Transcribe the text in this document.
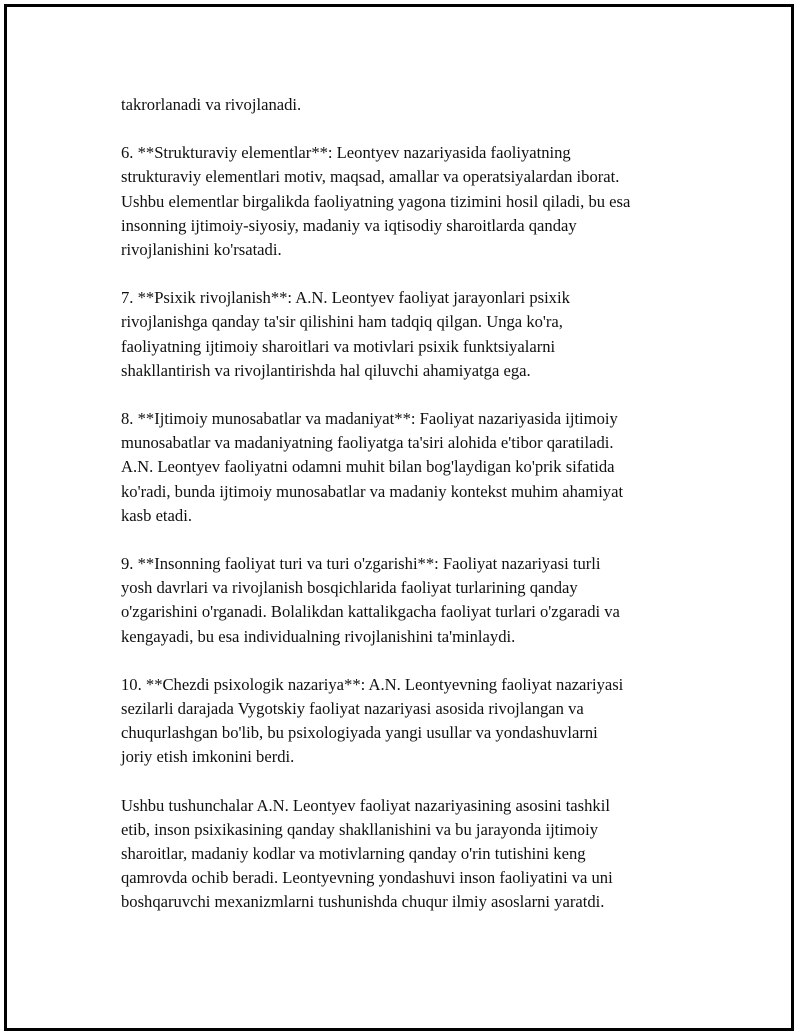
takrorlanadi va rivojlanadi.

6. **Strukturaviy elementlar**: Leontyev nazariyasida faoliyatning
strukturaviy elementlari motiv, maqsad, amallar va operatsiyalardan iborat.
Ushbu elementlar birgalikda faoliyatning yagona tizimini hosil qiladi, bu esa
insonning ijtimoiy-siyosiy, madaniy va iqtisodiy sharoitlarda qanday
rivojlanishini ko'rsatadi.

7. **Psixik rivojlanish**: A.N. Leontyev faoliyat jarayonlari psixik
rivojlanishga qanday ta'sir qilishini ham tadqiq qilgan. Unga ko'ra,
faoliyatning ijtimoiy sharoitlari va motivlari psixik funktsiyalarni
shakllantirish va rivojlantirishda hal qiluvchi ahamiyatga ega.

8. **Ijtimoiy munosabatlar va madaniyat**: Faoliyat nazariyasida ijtimoiy
munosabatlar va madaniyatning faoliyatga ta'siri alohida e'tibor qaratiladi.
A.N. Leontyev faoliyatni odamni muhit bilan bog'laydigan ko'prik sifatida
ko'radi, bunda ijtimoiy munosabatlar va madaniy kontekst muhim ahamiyat
kasb etadi.

9. **Insonning faoliyat turi va turi o'zgarishi**: Faoliyat nazariyasi turli
yosh davrlari va rivojlanish bosqichlarida faoliyat turlarining qanday
o'zgarishini o'rganadi. Bolalikdan kattalikgacha faoliyat turlari o'zgaradi va
kengayadi, bu esa individualning rivojlanishini ta'minlaydi.

10. **Chezdi psixologik nazariya**: A.N. Leontyevning faoliyat nazariyasi
sezilarli darajada Vygotskiy faoliyat nazariyasi asosida rivojlangan va
chuqurlashgan bo'lib, bu psixologiyada yangi usullar va yondashuvlarni
joriy etish imkonini berdi.

Ushbu tushunchalar A.N. Leontyev faoliyat nazariyasining asosini tashkil
etib, inson psixikasining qanday shakllanishini va bu jarayonda ijtimoiy
sharoitlar, madaniy kodlar va motivlarning qanday o'rin tutishini keng
qamrovda ochib beradi. Leontyevning yondashuvi inson faoliyatini va uni
boshqaruvchi mexanizmlarni tushunishda chuqur ilmiy asoslarni yaratdi.
